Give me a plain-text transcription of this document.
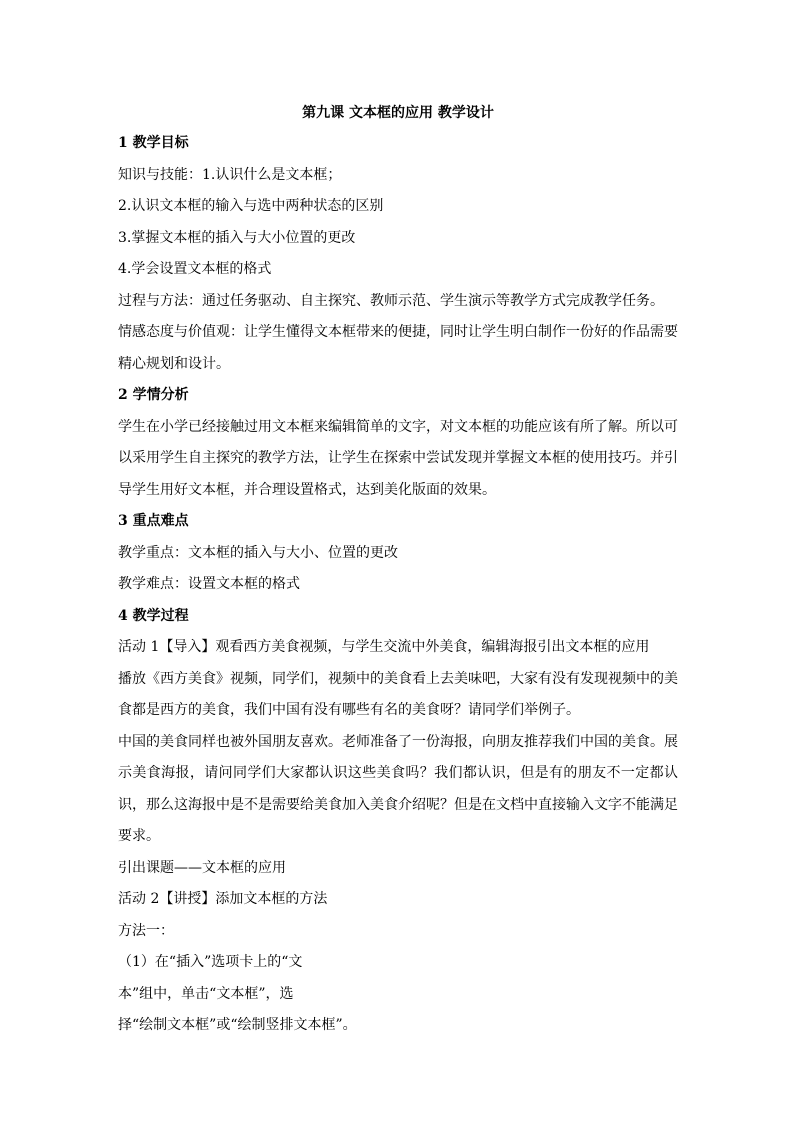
第九课 文本框的应用 教学设计
1 教学目标
知识与技能：1.认识什么是文本框；
2.认识文本框的输入与选中两种状态的区别
3.掌握文本框的插入与大小位置的更改
4.学会设置文本框的格式
过程与方法：通过任务驱动、自主探究、教师示范、学生演示等教学方式完成教学任务。
情感态度与价值观：让学生懂得文本框带来的便捷，同时让学生明白制作一份好的作品需要精心规划和设计。
2 学情分析
学生在小学已经接触过用文本框来编辑简单的文字，对文本框的功能应该有所了解。所以可以采用学生自主探究的教学方法，让学生在探索中尝试发现并掌握文本框的使用技巧。并引导学生用好文本框，并合理设置格式，达到美化版面的效果。
3 重点难点
教学重点：文本框的插入与大小、位置的更改
教学难点：设置文本框的格式
4 教学过程
活动 1【导入】观看西方美食视频，与学生交流中外美食，编辑海报引出文本框的应用
播放《西方美食》视频，同学们，视频中的美食看上去美味吧，大家有没有发现视频中的美食都是西方的美食，我们中国有没有哪些有名的美食呀？请同学们举例子。
中国的美食同样也被外国朋友喜欢。老师准备了一份海报，向朋友推荐我们中国的美食。展示美食海报，请问同学们大家都认识这些美食吗？我们都认识，但是有的朋友不一定都认识，那么这海报中是不是需要给美食加入美食介绍呢？但是在文档中直接输入文字不能满足要求。
引出课题——文本框的应用
活动 2【讲授】添加文本框的方法
方法一：
（1）在“插入”选项卡上的“文
本”组中，单击“文本框”，选
择“绘制文本框”或“绘制竖排文本框”。
